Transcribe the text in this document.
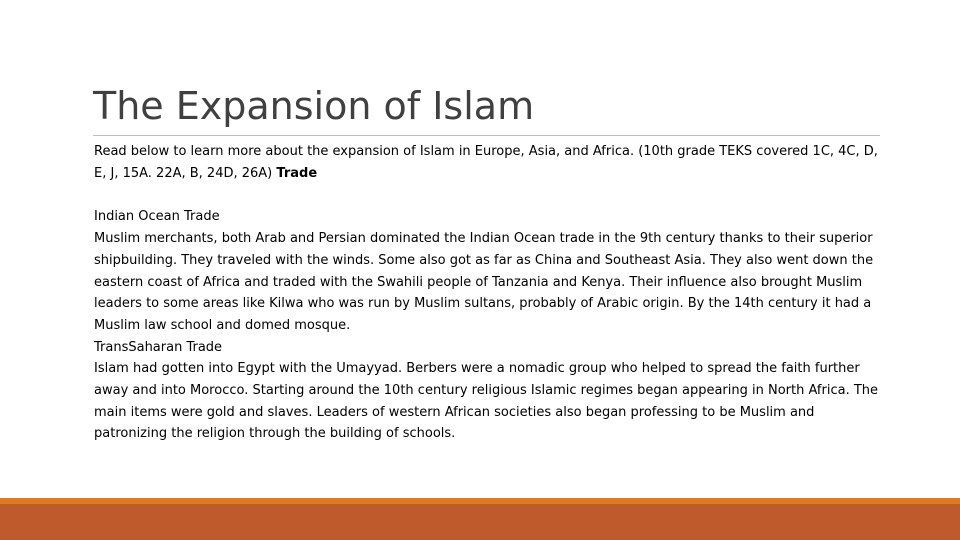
The Expansion of Islam

Read below to learn more about the expansion of Islam in Europe, Asia, and Africa. (10th grade TEKS covered 1C, 4C, D, E, J, 15A. 22A, B, 24D, 26A) Trade

Indian Ocean Trade

Muslim merchants, both Arab and Persian dominated the Indian Ocean trade in the 9th century thanks to their superior shipbuilding. They traveled with the winds. Some also got as far as China and Southeast Asia. They also went down the eastern coast of Africa and traded with the Swahili people of Tanzania and Kenya. Their influence also brought Muslim leaders to some areas like Kilwa who was run by Muslim sultans, probably of Arabic origin. By the 14th century it had a Muslim law school and domed mosque.

TransSaharan Trade

Islam had gotten into Egypt with the Umayyad. Berbers were a nomadic group who helped to spread the faith further away and into Morocco. Starting around the 10th century religious Islamic regimes began appearing in North Africa. The main items were gold and slaves. Leaders of western African societies also began professing to be Muslim and patronizing the religion through the building of schools.
